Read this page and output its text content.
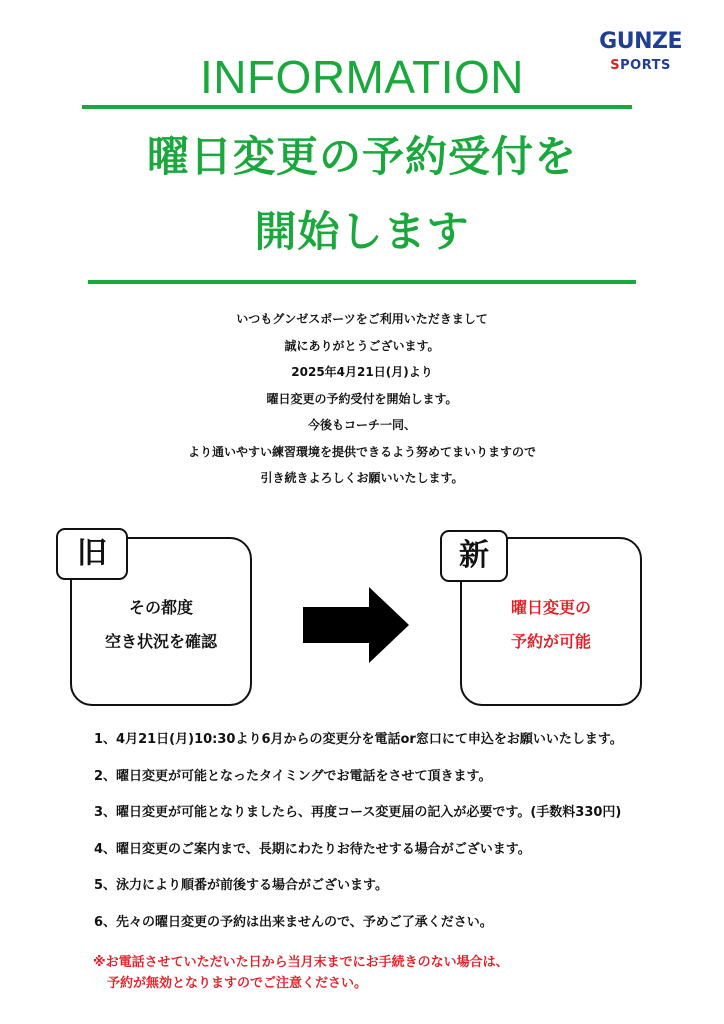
GUNZE
SPORTS
INFORMATION
曜日変更の予約受付を
開始します
いつもグンゼスポーツをご利用いただきまして
誠にありがとうございます。
2025年4月21日(月)より
曜日変更の予約受付を開始します。
今後もコーチ一同、
より通いやすい練習環境を提供できるよう努めてまいりますので
引き続きよろしくお願いいたします。
その都度
空き状況を確認
旧
曜日変更の
予約が可能
新
1、4月21日(月)10:30より6月からの変更分を電話or窓口にて申込をお願いいたします。
2、曜日変更が可能となったタイミングでお電話をさせて頂きます。
3、曜日変更が可能となりましたら、再度コース変更届の記入が必要です。(手数料330円)
4、曜日変更のご案内まで、長期にわたりお待たせする場合がございます。
5、泳力により順番が前後する場合がございます。
6、先々の曜日変更の予約は出来ませんので、予めご了承ください。
※お電話させていただいた日から当月末までにお手続きのない場合は、
予約が無効となりますのでご注意ください。
